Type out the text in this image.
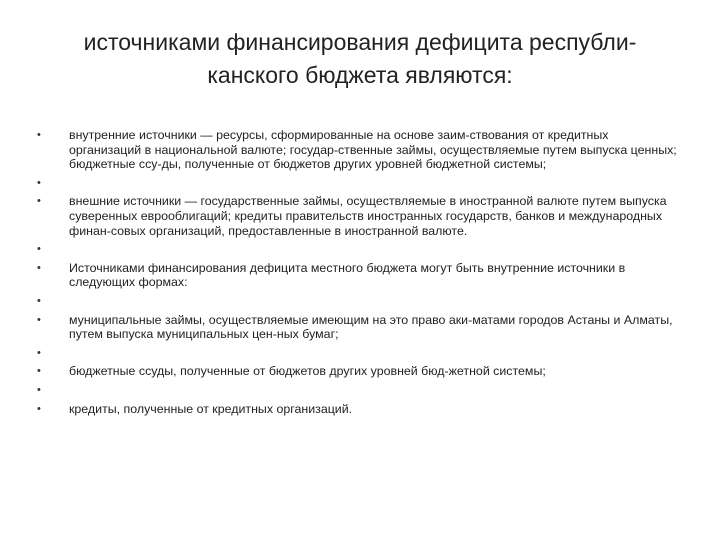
источниками финансирования дефицита республи-
канского бюджета являются:
• внутренние источники — ресурсы, сформированные на основе заим-ствования от кредитных организаций в национальной валюте; государ-ственные займы, осуществляемые путем выпуска ценных; бюджетные ссу-ды, полученные от бюджетов других уровней бюджетной системы;
•
• внешние источники — государственные займы, осуществляемые в иностранной валюте путем выпуска суверенных еврооблигаций; кредиты правительств иностранных государств, банков и международных финан-совых организаций, предоставленные в иностранной валюте.
•
• Источниками финансирования дефицита местного бюджета могут быть внутренние источники в следующих формах:
•
• муниципальные займы, осуществляемые имеющим на это право аки-матами городов Астаны и Алматы, путем выпуска муниципальных цен-ных бумаг;
•
• бюджетные ссуды, полученные от бюджетов других уровней бюд-жетной системы;
•
• кредиты, полученные от кредитных организаций.
